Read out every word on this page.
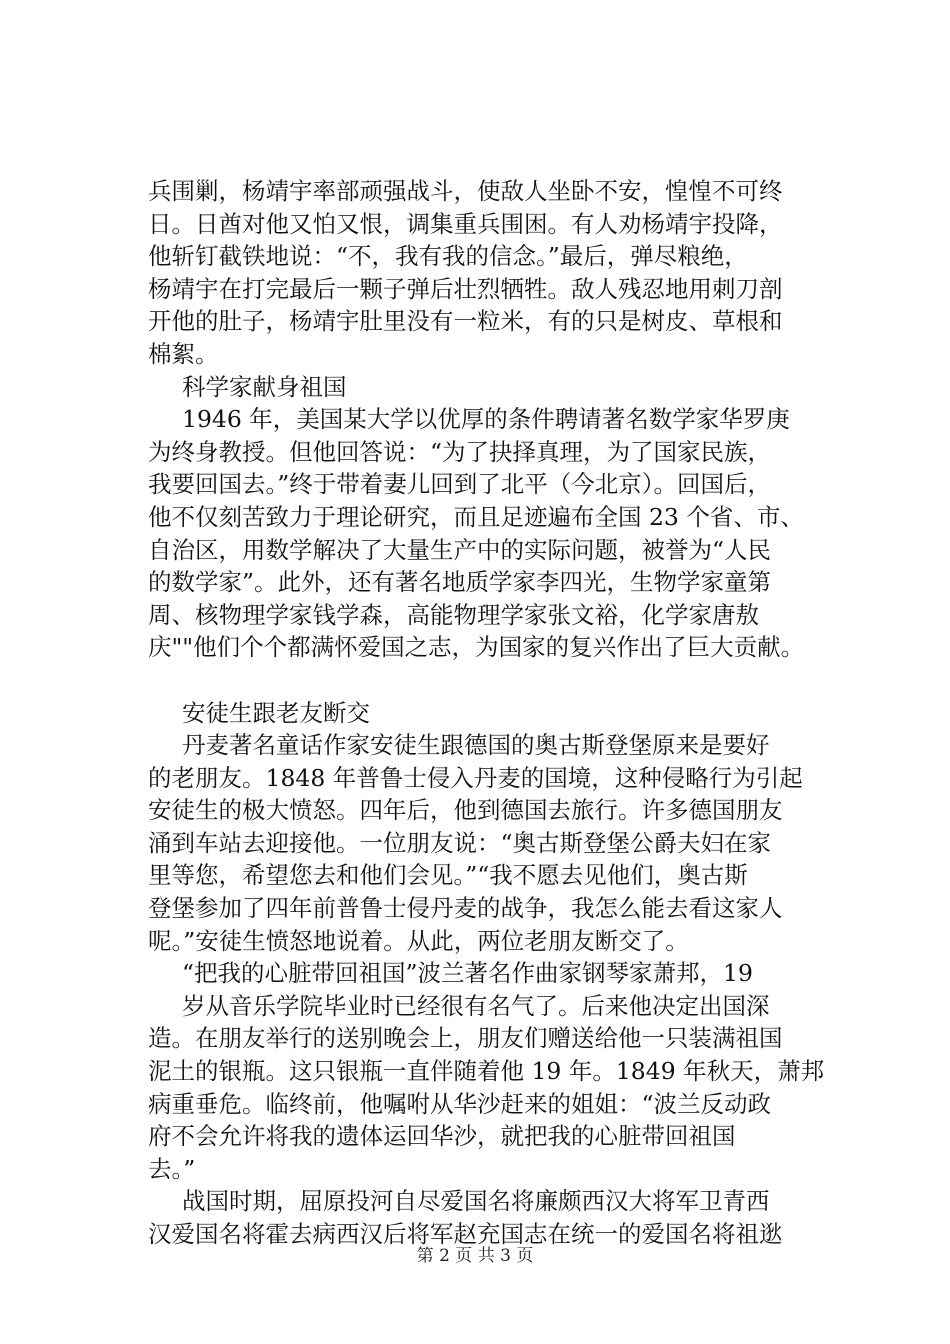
兵围剿，杨靖宇率部顽强战斗，使敌人坐卧不安，惶惶不可终
日。日酋对他又怕又恨，调集重兵围困。有人劝杨靖宇投降，
他斩钉截铁地说：“不，我有我的信念。”最后，弹尽粮绝，
杨靖宇在打完最后一颗子弹后壮烈牺牲。敌人残忍地用刺刀剖
开他的肚子，杨靖宇肚里没有一粒米，有的只是树皮、草根和
棉絮。
科学家献身祖国
1946 年，美国某大学以优厚的条件聘请著名数学家华罗庚
为终身教授。但他回答说：“为了抉择真理，为了国家民族，
我要回国去。”终于带着妻儿回到了北平（今北京）。回国后，
他不仅刻苦致力于理论研究，而且足迹遍布全国 23 个省、市、
自治区，用数学解决了大量生产中的实际问题，被誉为“人民
的数学家”。此外，还有著名地质学家李四光，生物学家童第
周、核物理学家钱学森，高能物理学家张文裕，化学家唐敖
庆""他们个个都满怀爱国之志，为国家的复兴作出了巨大贡献。
安徒生跟老友断交
丹麦著名童话作家安徒生跟德国的奥古斯登堡原来是要好
的老朋友。1848 年普鲁士侵入丹麦的国境，这种侵略行为引起
安徒生的极大愤怒。四年后，他到德国去旅行。许多德国朋友
涌到车站去迎接他。一位朋友说：“奥古斯登堡公爵夫妇在家
里等您，希望您去和他们会见。”“我不愿去见他们，奥古斯
登堡参加了四年前普鲁士侵丹麦的战争，我怎么能去看这家人
呢。”安徒生愤怒地说着。从此，两位老朋友断交了。
“把我的心脏带回祖国”波兰著名作曲家钢琴家萧邦，19
岁从音乐学院毕业时已经很有名气了。后来他决定出国深
造。在朋友举行的送别晚会上，朋友们赠送给他一只装满祖国
泥土的银瓶。这只银瓶一直伴随着他 19 年。1849 年秋天，萧邦
病重垂危。临终前，他嘱咐从华沙赶来的姐姐：“波兰反动政
府不会允许将我的遗体运回华沙，就把我的心脏带回祖国
去。”
战国时期，屈原投河自尽爱国名将廉颇西汉大将军卫青西
汉爱国名将霍去病西汉后将军赵充国志在统一的爱国名将祖逖
第 2 页 共 3 页
